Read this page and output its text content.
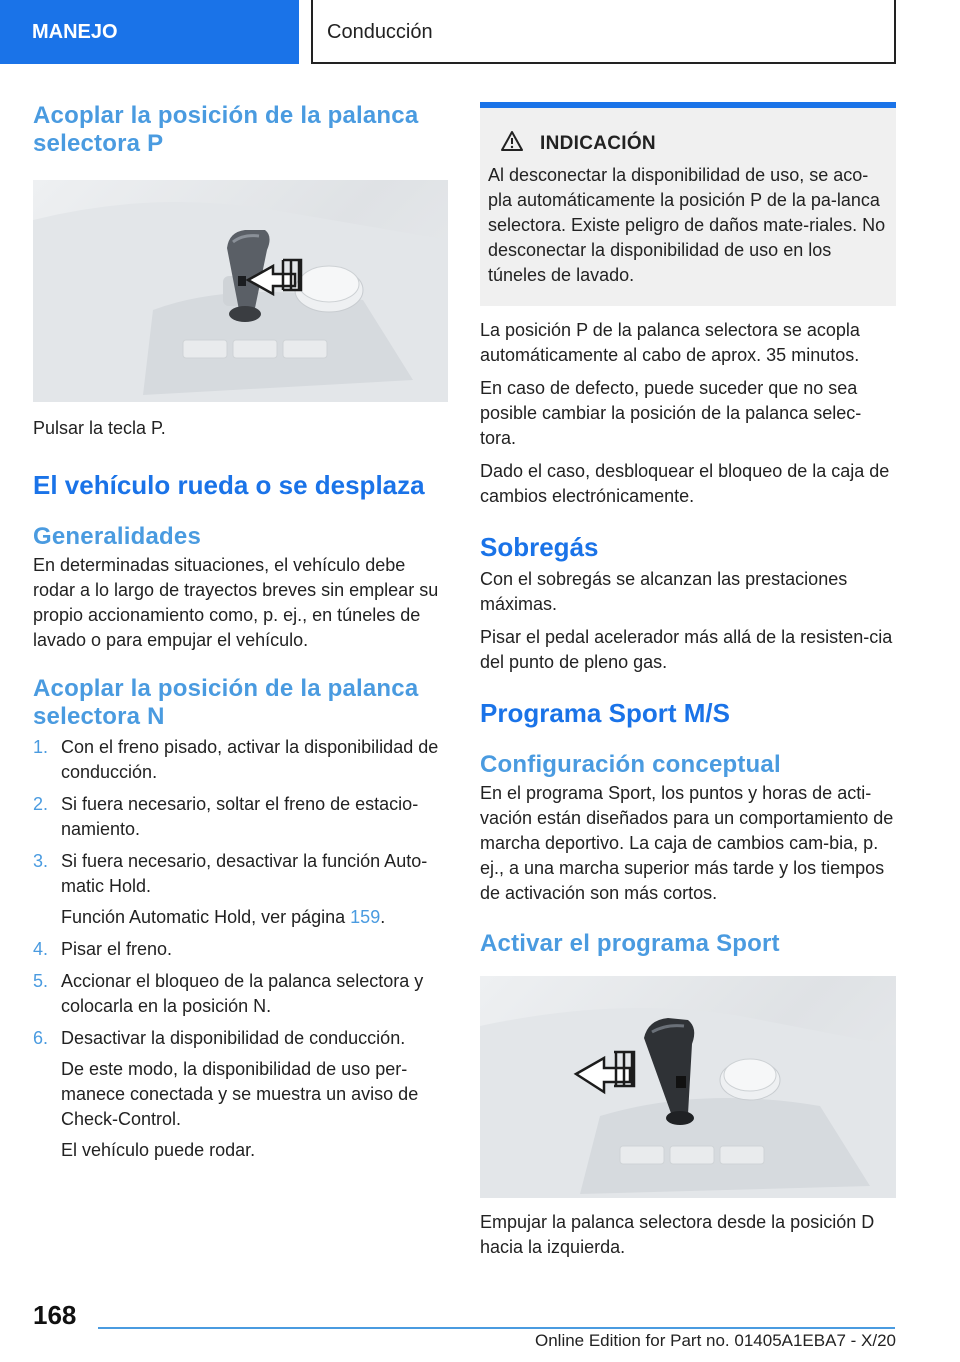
MANEJO	Conducción
Acoplar la posición de la palanca selectora P

Pulsar la tecla P.

El vehículo rueda o se desplaza
Generalidades

En determinadas situaciones, el vehículo debe rodar a lo largo de trayectos breves sin emplear su propio accionamiento como, p. ej., en túneles de lavado o para empujar el vehículo.

Acoplar la posición de la palanca selectora N
1. Con el freno pisado, activar la disponibilidad de conducción.
2. Si fuera necesario, soltar el freno de estacio‐namiento.
3. Si fuera necesario, desactivar la función Auto‐matic Hold.
Función Automatic Hold, ver página 159.
4. Pisar el freno.
5. Accionar el bloqueo de la palanca selectora y colocarla en la posición N.
6. Desactivar la disponibilidad de conducción.
De este modo, la disponibilidad de uso per‐manece conectada y se muestra un aviso de Check-Control.
El vehículo puede rodar.
INDICACIÓN

Al desconectar la disponibilidad de uso, se aco‐pla automáticamente la posición P de la pa‐lanca selectora. Existe peligro de daños mate‐riales. No desconectar la disponibilidad de uso en los túneles de lavado.

La posición P de la palanca selectora se acopla automáticamente al cabo de aprox. 35 minutos.

En caso de defecto, puede suceder que no sea posible cambiar la posición de la palanca selec‐tora.

Dado el caso, desbloquear el bloqueo de la caja de cambios electrónicamente.

Sobregás

Con el sobregás se alcanzan las prestaciones máximas.

Pisar el pedal acelerador más allá de la resisten‐cia del punto de pleno gas.

Programa Sport M/S
Configuración conceptual

En el programa Sport, los puntos y horas de acti‐vación están diseñados para un comportamiento de marcha deportivo. La caja de cambios cam‐bia, p. ej., a una marcha superior más tarde y los tiempos de activación son más cortos.

Activar el programa Sport

Empujar la palanca selectora desde la posición D hacia la izquierda.

168
Online Edition for Part no. 01405A1EBA7 - X/20
